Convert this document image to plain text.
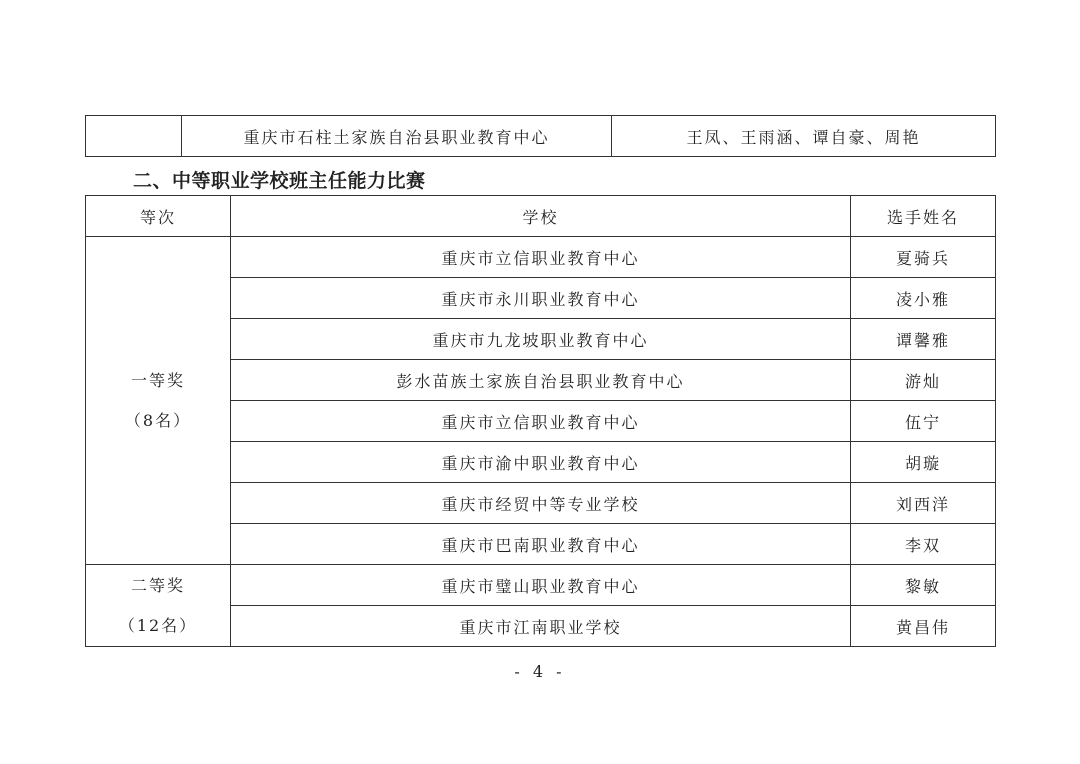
	重庆市石柱土家族自治县职业教育中心	王凤、王雨涵、谭自豪、周艳
二、中等职业学校班主任能力比赛
等次	学校	选手姓名

一等奖
（8名）	重庆市立信职业教育中心	夏骑兵
	重庆市永川职业教育中心	凌小雅
	重庆市九龙坡职业教育中心	谭馨雅
	彭水苗族土家族自治县职业教育中心	游灿
	重庆市立信职业教育中心	伍宁
	重庆市渝中职业教育中心	胡璇
	重庆市经贸中等专业学校	刘西洋
	重庆市巴南职业教育中心	李双

二等奖
（12名）	重庆市璧山职业教育中心	黎敏
	重庆市江南职业学校	黄昌伟
- 4 -
